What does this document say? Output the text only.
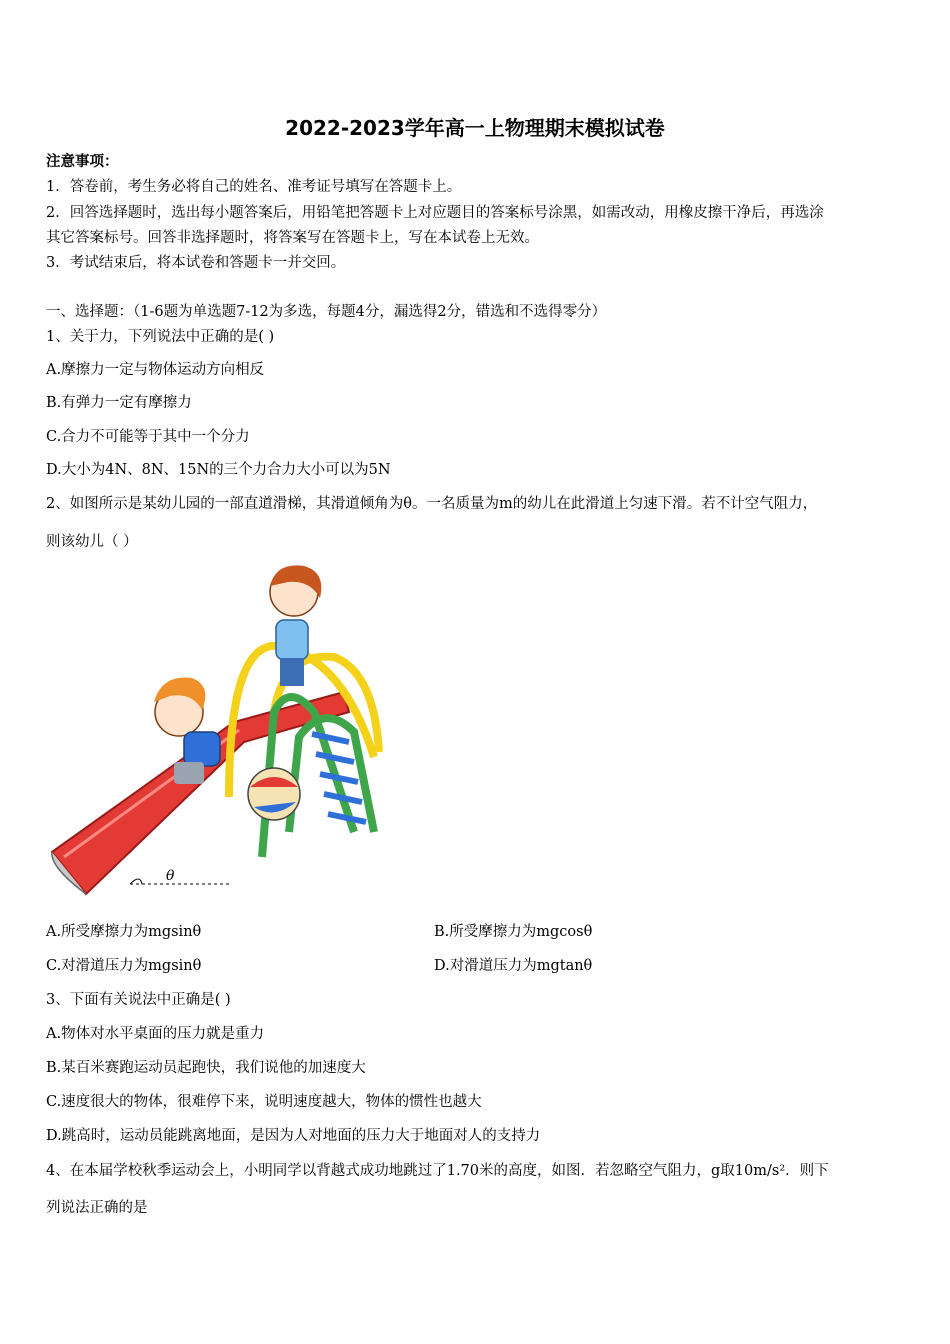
2022-2023学年高一上物理期末模拟试卷
注意事项：
1．答卷前，考生务必将自己的姓名、准考证号填写在答题卡上。
2．回答选择题时，选出每小题答案后，用铅笔把答题卡上对应题目的答案标号涂黑，如需改动，用橡皮擦干净后，再选涂
其它答案标号。回答非选择题时，将答案写在答题卡上，写在本试卷上无效。
3．考试结束后，将本试卷和答题卡一并交回。
一、选择题：（1-6题为单选题7-12为多选，每题4分，漏选得2分，错选和不选得零分）
1、关于力，下列说法中正确的是( )
A.摩擦力一定与物体运动方向相反
B.有弹力一定有摩擦力
C.合力不可能等于其中一个分力
D.大小为4N、8N、15N的三个力合力大小可以为5N
2、如图所示是某幼儿园的一部直道滑梯，其滑道倾角为θ。一名质量为m的幼儿在此滑道上匀速下滑。若不计空气阻力，
则该幼儿（ ）
θ
A.所受摩擦力为mgsinθ	B.所受摩擦力为mgcosθ
C.对滑道压力为mgsinθ	D.对滑道压力为mgtanθ
3、下面有关说法中正确是( )
A.物体对水平桌面的压力就是重力
B.某百米赛跑运动员起跑快，我们说他的加速度大
C.速度很大的物体，很难停下来，说明速度越大，物体的惯性也越大
D.跳高时，运动员能跳离地面，是因为人对地面的压力大于地面对人的支持力
4、在本届学校秋季运动会上，小明同学以背越式成功地跳过了1.70米的高度，如图．若忽略空气阻力，g取10m/s²．则下
列说法正确的是
